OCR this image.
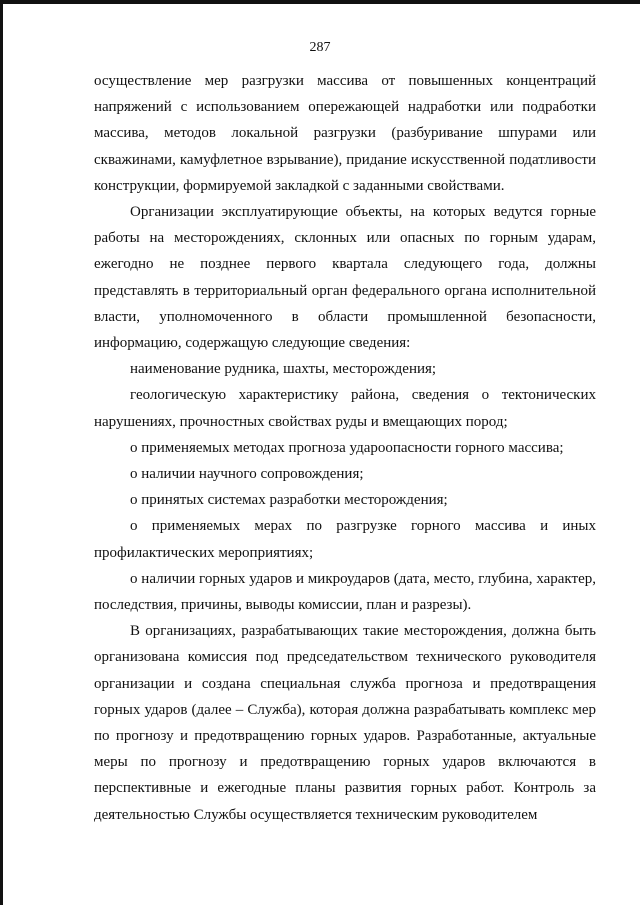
287

осуществление мер разгрузки массива от повышенных концентраций напряжений с использованием опережающей надработки или подработки массива, методов локальной разгрузки (разбуривание шпурами или скважинами, камуфлетное взрывание), придание искусственной податливости конструкции, формируемой закладкой с заданными свойствами.

Организации эксплуатирующие объекты, на которых ведутся горные работы на месторождениях, склонных или опасных по горным ударам, ежегодно не позднее первого квартала следующего года, должны представлять в территориальный орган федерального органа исполнительной власти, уполномоченного в области промышленной безопасности, информацию, содержащую следующие сведения:

наименование рудника, шахты, месторождения;

геологическую характеристику района, сведения о тектонических нарушениях, прочностных свойствах руды и вмещающих пород;

о применяемых методах прогноза удароопасности горного массива;

о наличии научного сопровождения;

о принятых системах разработки месторождения;

о применяемых мерах по разгрузке горного массива и иных профилактических мероприятиях;

о наличии горных ударов и микроударов (дата, место, глубина, характер, последствия, причины, выводы комиссии, план и разрезы).

В организациях, разрабатывающих такие месторождения, должна быть организована комиссия под председательством технического руководителя организации и создана специальная служба прогноза и предотвращения горных ударов (далее – Служба), которая должна разрабатывать комплекс мер по прогнозу и предотвращению горных ударов. Разработанные, актуальные меры по прогнозу и предотвращению горных ударов включаются в перспективные и ежегодные планы развития горных работ. Контроль за деятельностью Службы осуществляется техническим руководителем
